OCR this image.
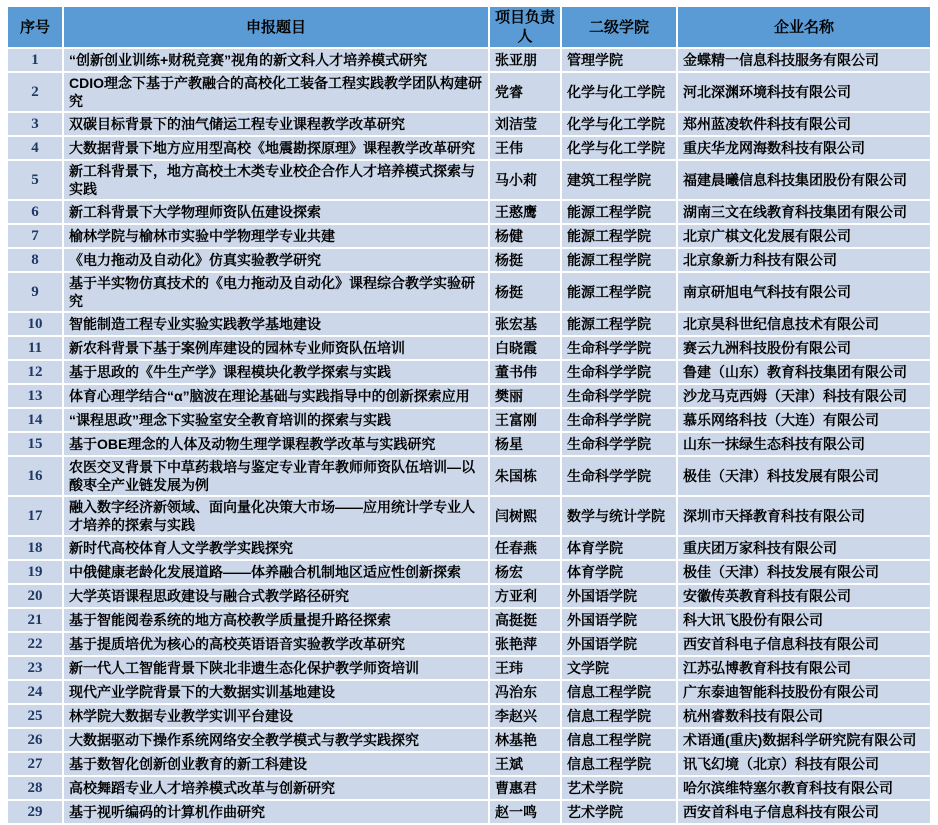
序号	申报题目	项目负责人	二级学院	企业名称
1	“创新创业训练+财税竞赛”视角的新文科人才培养模式研究	张亚朋	管理学院	金蝶精一信息科技服务有限公司
2	CDIO理念下基于产教融合的高校化工装备工程实践教学团队构建研究	党睿	化学与化工学院	河北深渊环境科技有限公司
3	双碳目标背景下的油气储运工程专业课程教学改革研究	刘洁莹	化学与化工学院	郑州蓝凌软件科技有限公司
4	大数据背景下地方应用型高校《地震勘探原理》课程教学改革研究	王伟	化学与化工学院	重庆华龙网海数科技有限公司
5	新工科背景下，地方高校土木类专业校企合作人才培养模式探索与实践	马小莉	建筑工程学院	福建晨曦信息科技集团股份有限公司
6	新工科背景下大学物理师资队伍建设探索	王憨鹰	能源工程学院	湖南三文在线教育科技集团有限公司
7	榆林学院与榆林市实验中学物理学专业共建	杨健	能源工程学院	北京广棋文化发展有限公司
8	《电力拖动及自动化》仿真实验教学研究	杨挺	能源工程学院	北京象新力科技有限公司
9	基于半实物仿真技术的《电力拖动及自动化》课程综合教学实验研究	杨挺	能源工程学院	南京研旭电气科技有限公司
10	智能制造工程专业实验实践教学基地建设	张宏基	能源工程学院	北京昊科世纪信息技术有限公司
11	新农科背景下基于案例库建设的园林专业师资队伍培训	白晓霞	生命科学学院	赛云九洲科技股份有限公司
12	基于思政的《牛生产学》课程模块化教学探索与实践	董书伟	生命科学学院	鲁建（山东）教育科技集团有限公司
13	体育心理学结合“α”脑波在理论基础与实践指导中的创新探索应用	樊丽	生命科学学院	沙龙马克西姆（天津）科技有限公司
14	“课程思政”理念下实验室安全教育培训的探索与实践	王富刚	生命科学学院	慕乐网络科技（大连）有限公司
15	基于OBE理念的人体及动物生理学课程教学改革与实践研究	杨星	生命科学学院	山东一抹绿生态科技有限公司
16	农医交叉背景下中草药栽培与鉴定专业青年教师师资队伍培训—以酸枣全产业链发展为例	朱国栋	生命科学学院	极佳（天津）科技发展有限公司
17	融入数字经济新领域、面向量化决策大市场——应用统计学专业人才培养的探索与实践	闫树熙	数学与统计学院	深圳市天择教育科技有限公司
18	新时代高校体育人文学教学实践探究	任春燕	体育学院	重庆团万家科技有限公司
19	中俄健康老龄化发展道路——体养融合机制地区适应性创新探索	杨宏	体育学院	极佳（天津）科技发展有限公司
20	大学英语课程思政建设与融合式教学路径研究	方亚利	外国语学院	安徽传英教育科技有限公司
21	基于智能阅卷系统的地方高校教学质量提升路径探索	高挺挺	外国语学院	科大讯飞股份有限公司
22	基于提质培优为核心的高校英语语音实验教学改革研究	张艳萍	外国语学院	西安首科电子信息科技有限公司
23	新一代人工智能背景下陕北非遗生态化保护教学师资培训	王玮	文学院	江苏弘博教育科技有限公司
24	现代产业学院背景下的大数据实训基地建设	冯治东	信息工程学院	广东泰迪智能科技股份有限公司
25	林学院大数据专业教学实训平台建设	李赵兴	信息工程学院	杭州睿数科技有限公司
26	大数据驱动下操作系统网络安全教学模式与教学实践探究	林基艳	信息工程学院	术语通(重庆)数据科学研究院有限公司
27	基于数智化创新创业教育的新工科建设	王斌	信息工程学院	讯飞幻境（北京）科技有限公司
28	高校舞蹈专业人才培养模式改革与创新研究	曹惠君	艺术学院	哈尔滨维特塞尔教育科技有限公司
29	基于视听编码的计算机作曲研究	赵一鸣	艺术学院	西安首科电子信息科技有限公司
